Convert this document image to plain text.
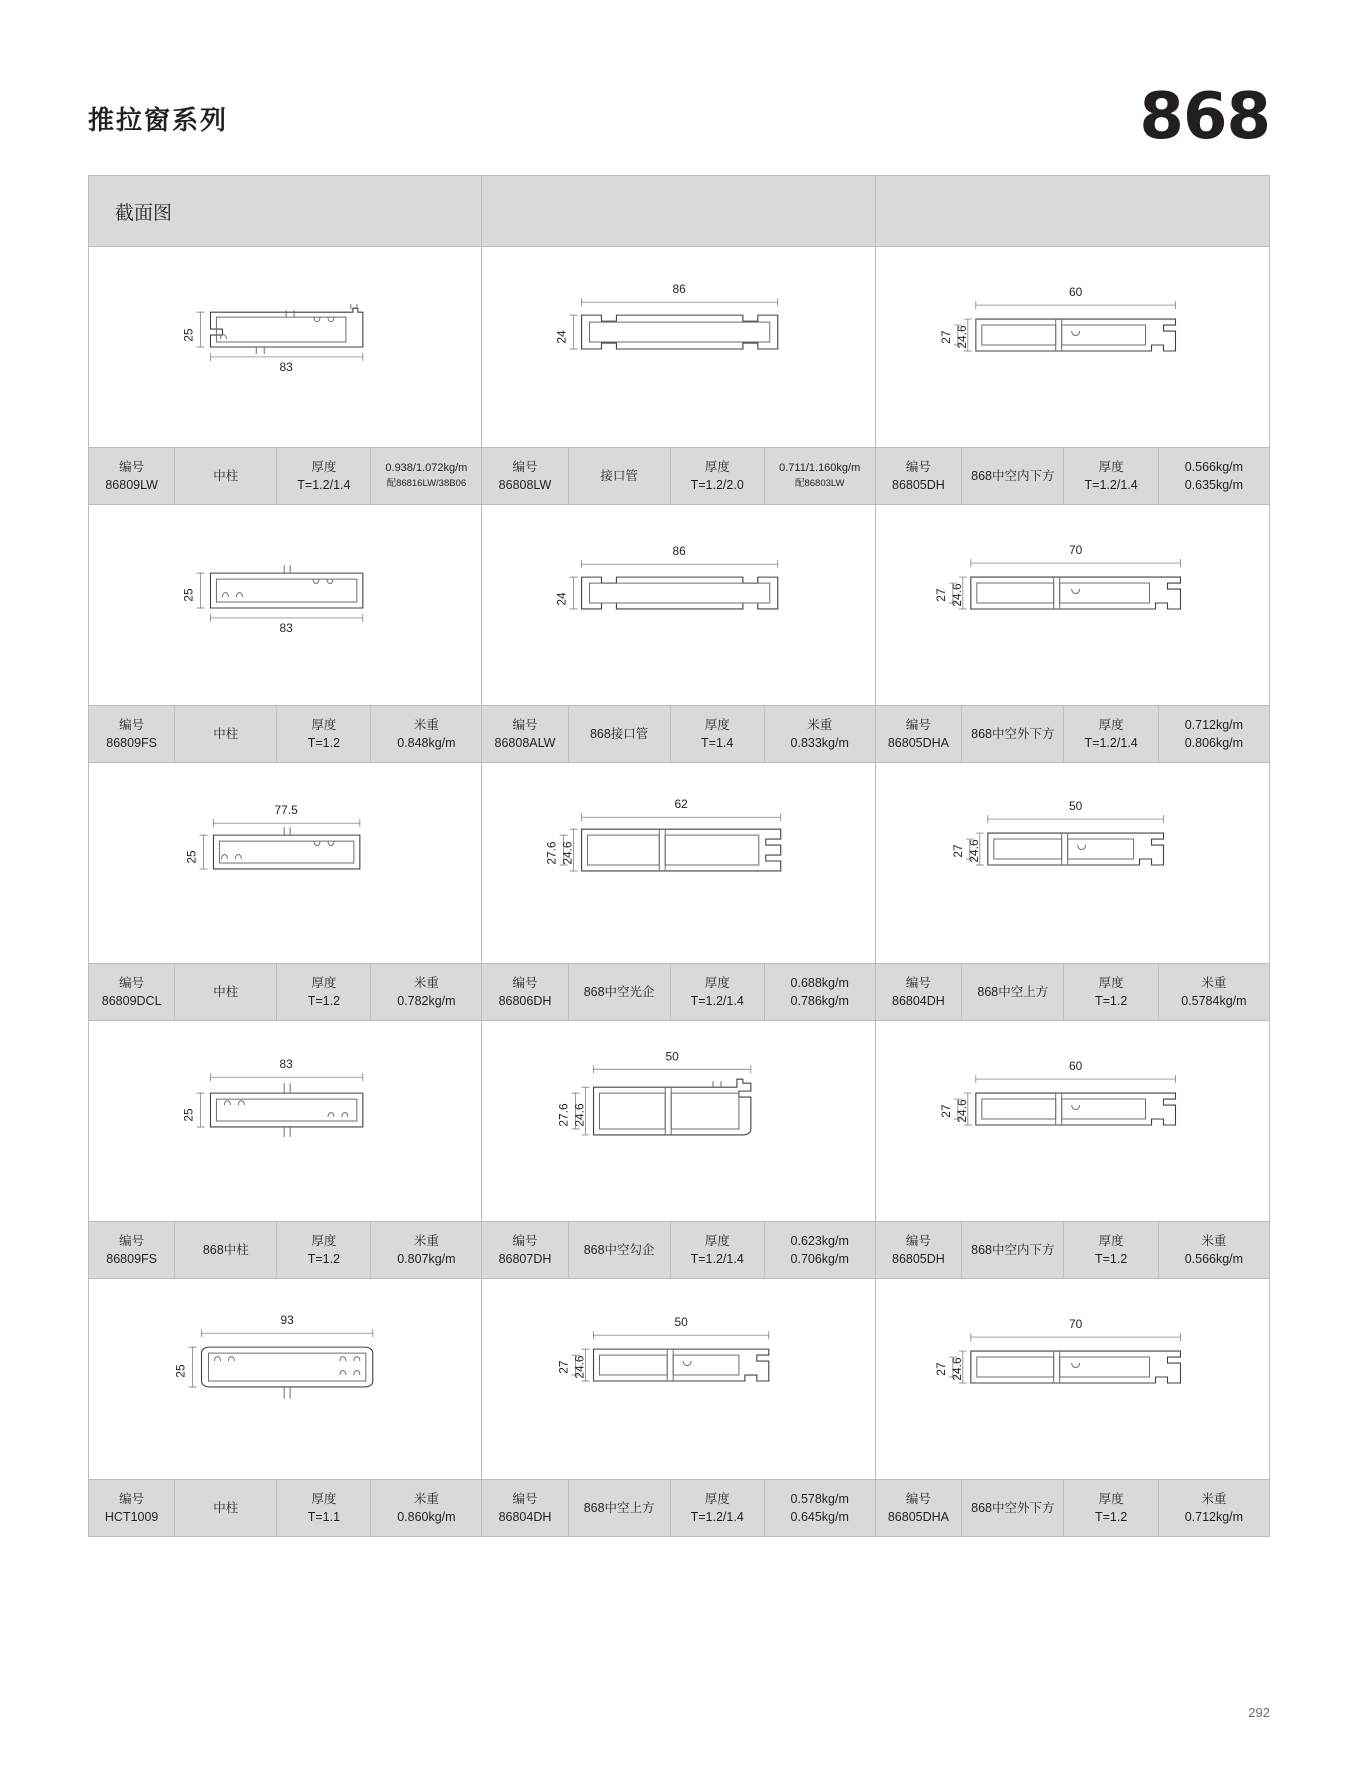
推拉窗系列	868
截面图
25
83
编号
86809LW
中柱
厚度
T=1.2/1.4
0.938/1.072kg/m
配86816LW/38B06
24
86
编号
86808LW
接口管
厚度
T=1.2/2.0
0.711/1.160kg/m
配86803LW
27 24.6
60
编号
86805DH
868中空内下方
厚度
T=1.2/1.4
0.566kg/m
0.635kg/m
25
83
编号
86809FS
中柱
厚度
T=1.2
米重
0.848kg/m
24
86
编号
86808ALW
868接口管
厚度
T=1.4
米重
0.833kg/m
27 24.6
70
编号
86805DHA
868中空外下方
厚度
T=1.2/1.4
0.712kg/m
0.806kg/m
25
77.5
编号
86809DCL
中柱
厚度
T=1.2
米重
0.782kg/m
27.6 24.6
62
编号
86806DH
868中空光企
厚度
T=1.2/1.4
0.688kg/m
0.786kg/m
27 24.6
50
编号
86804DH
868中空上方
厚度
T=1.2
米重
0.5784kg/m
25
83
编号
86809FS
868中柱
厚度
T=1.2
米重
0.807kg/m
27.6 24.6
50
编号
86807DH
868中空勾企
厚度
T=1.2/1.4
0.623kg/m
0.706kg/m
27 24.6
60
编号
86805DH
868中空内下方
厚度
T=1.2
米重
0.566kg/m
25
93
编号
HCT1009
中柱
厚度
T=1.1
米重
0.860kg/m
27 24.6
50
编号
86804DH
868中空上方
厚度
T=1.2/1.4
0.578kg/m
0.645kg/m
27 24.6
70
编号
86805DHA
868中空外下方
厚度
T=1.2
米重
0.712kg/m
292
